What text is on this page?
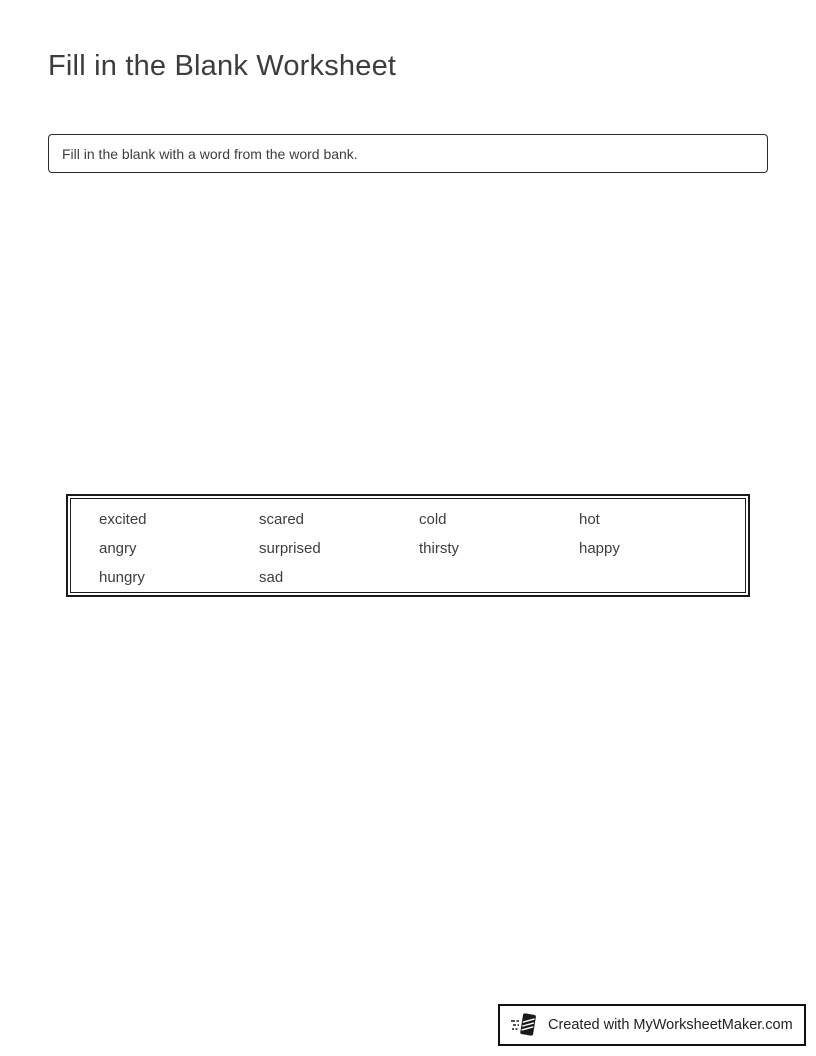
Fill in the Blank Worksheet
Fill in the blank with a word from the word bank.
excited	scared	cold	hot
angry	surprised	thirsty	happy
hungry	sad
Created with MyWorksheetMaker.com
